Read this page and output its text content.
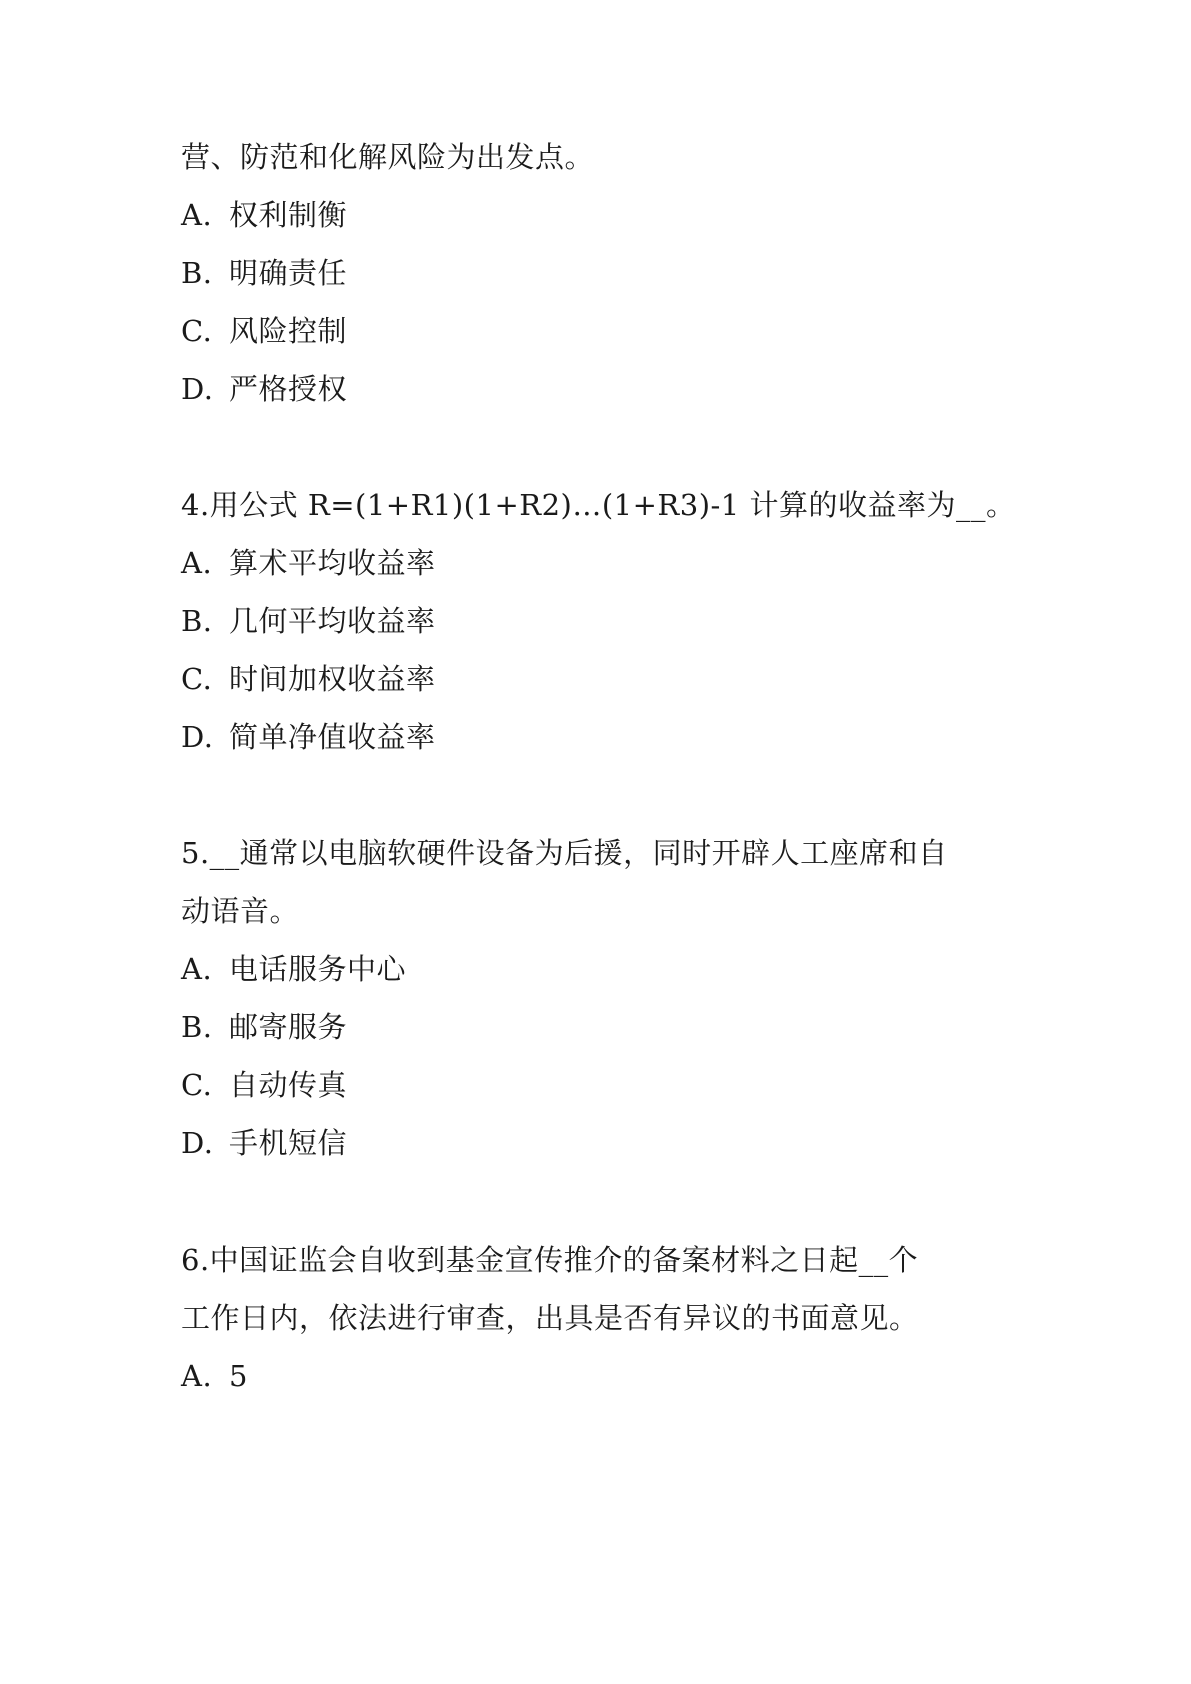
营、防范和化解风险为出发点。
A. 权利制衡
B. 明确责任
C. 风险控制
D. 严格授权
4.用公式 R=(1+R1)(1+R2)…(1+R3)-1 计算的收益率为__。
A. 算术平均收益率
B. 几何平均收益率
C. 时间加权收益率
D. 简单净值收益率
5.__通常以电脑软硬件设备为后援，同时开辟人工座席和自
动语音。
A. 电话服务中心
B. 邮寄服务
C. 自动传真
D. 手机短信
6.中国证监会自收到基金宣传推介的备案材料之日起__个
工作日内，依法进行审查，出具是否有异议的书面意见。
A. 5
